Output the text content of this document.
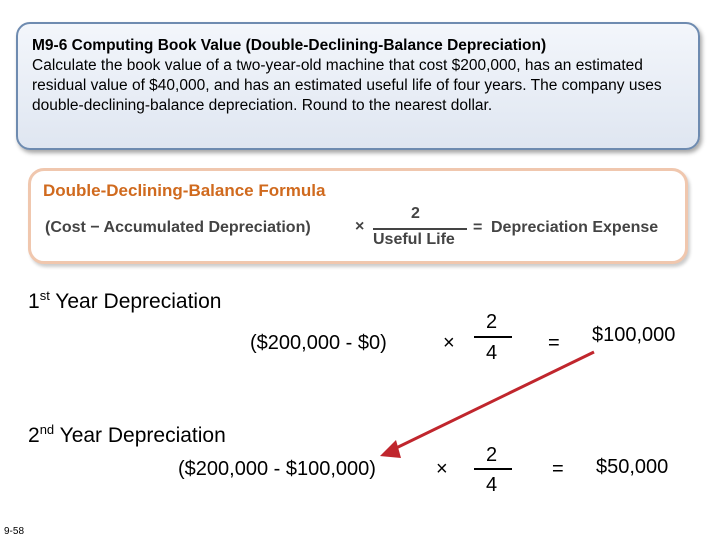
M9-6 Computing Book Value (Double-Declining-Balance Depreciation)
Calculate the book value of a two-year-old machine that cost $200,000, has an estimated residual value of $40,000, and has an estimated useful life of four years. The company uses double-declining-balance depreciation. Round to the nearest dollar.
Double-Declining-Balance Formula
(Cost − Accumulated Depreciation)	×
2
Useful Life
= Depreciation Expense
1st Year Depreciation
($200,000 - $0)	×
2
4	= $100,000
2nd Year Depreciation
($200,000 - $100,000)	×
2
4
= $50,000
9-58
